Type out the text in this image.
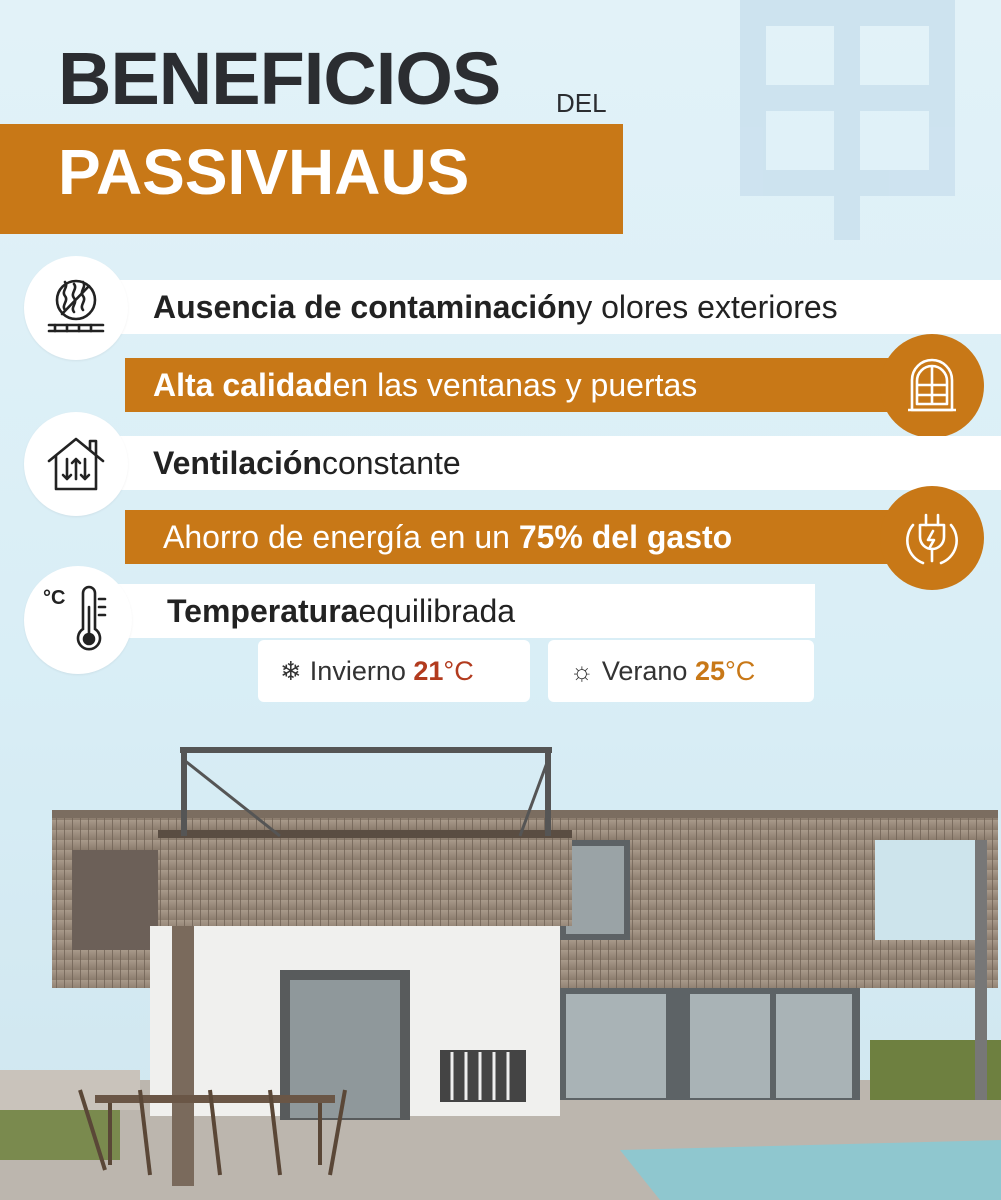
BENEFICIOS DEL
PASSIVHAUS
Ausencia de contaminación y olores exteriores
Alta calidad en las ventanas y puertas
Ventilación constante
Ahorro de energía en un 75% del gasto
Temperatura equilibrada
°C
❄ Invierno
21 °C	☼ Verano
25 °C
